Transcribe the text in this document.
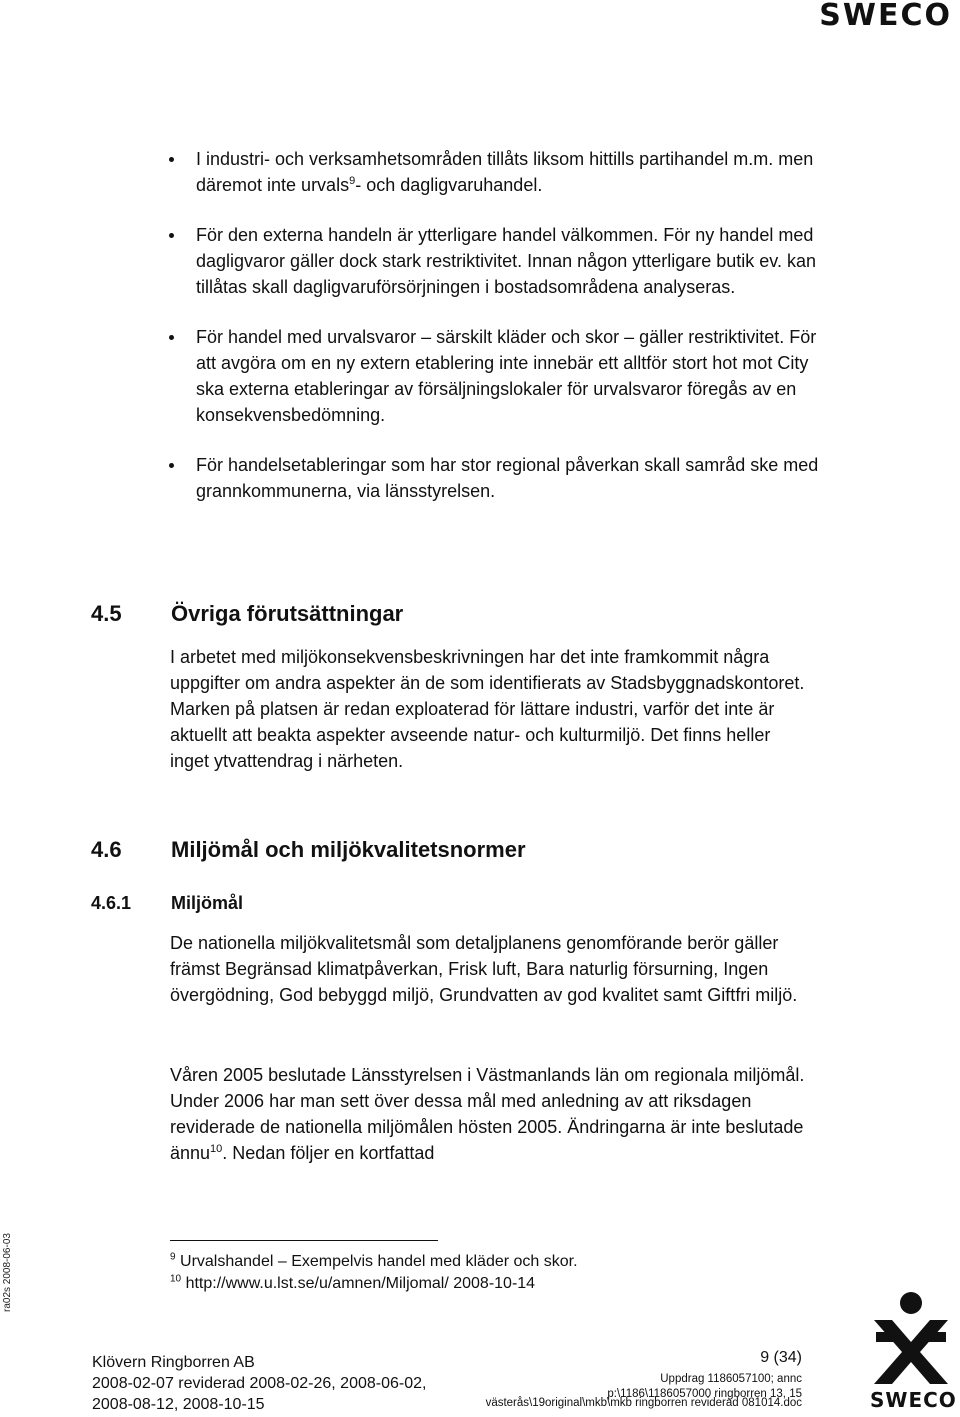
SWECO
ra02s 2008-06-03
I industri- och verksamhetsområden tillåts liksom hittills partihandel m.m. men däremot inte urvals$^9$- och dagligvaruhandel.
För den externa handeln är ytterligare handel välkommen. För ny handel med dagligvaror gäller dock stark restriktivitet. Innan någon ytterligare butik ev. kan tillåtas skall dagligvaruförsörjningen i bostadsområdena analyseras.
För handel med urvalsvaror – särskilt kläder och skor – gäller restriktivitet. För att avgöra om en ny extern etablering inte innebär ett alltför stort hot mot City ska externa etableringar av försäljningslokaler för urvalsvaror föregås av en konsekvensbedömning.
För handelsetableringar som har stor regional påverkan skall samråd ske med grannkommunerna, via länsstyrelsen.
4.5 Övriga förutsättningar

I arbetet med miljökonsekvensbeskrivningen har det inte framkommit några uppgifter om andra aspekter än de som identifierats av Stadsbyggnadskontoret. Marken på platsen är redan exploaterad för lättare industri, varför det inte är aktuellt att beakta aspekter avseende natur- och kulturmiljö. Det finns heller inget ytvattendrag i närheten.

4.6 Miljömål och miljökvalitetsnormer
4.6.1 Miljömål

De nationella miljökvalitetsmål som detaljplanens genomförande berör gäller främst Begränsad klimatpåverkan, Frisk luft, Bara naturlig försurning, Ingen övergödning, God bebyggd miljö, Grundvatten av god kvalitet samt Giftfri miljö.

Våren 2005 beslutade Länsstyrelsen i Västmanlands län om regionala miljömål. Under 2006 har man sett över dessa mål med anledning av att riksdagen reviderade de nationella miljömålen hösten 2005. Ändringarna är inte beslutade ännu$^{10}$. Nedan följer en kortfattad

$^9$ Urvalshandel – Exempelvis handel med kläder och skor.
$^{10}$ http://www.u.lst.se/u/amnen/Miljomal/ 2008-10-14
Klövern Ringborren AB
2008-02-07 reviderad 2008-02-26, 2008-06-02, 2008-08-12, 2008-10-15
9 (34)
Uppdrag 1186057100; annc
p:\1186\1186057000 ringborren 13, 15
västerås\19original\mkb\mkb ringborren reviderad 081014.doc	SWECO
